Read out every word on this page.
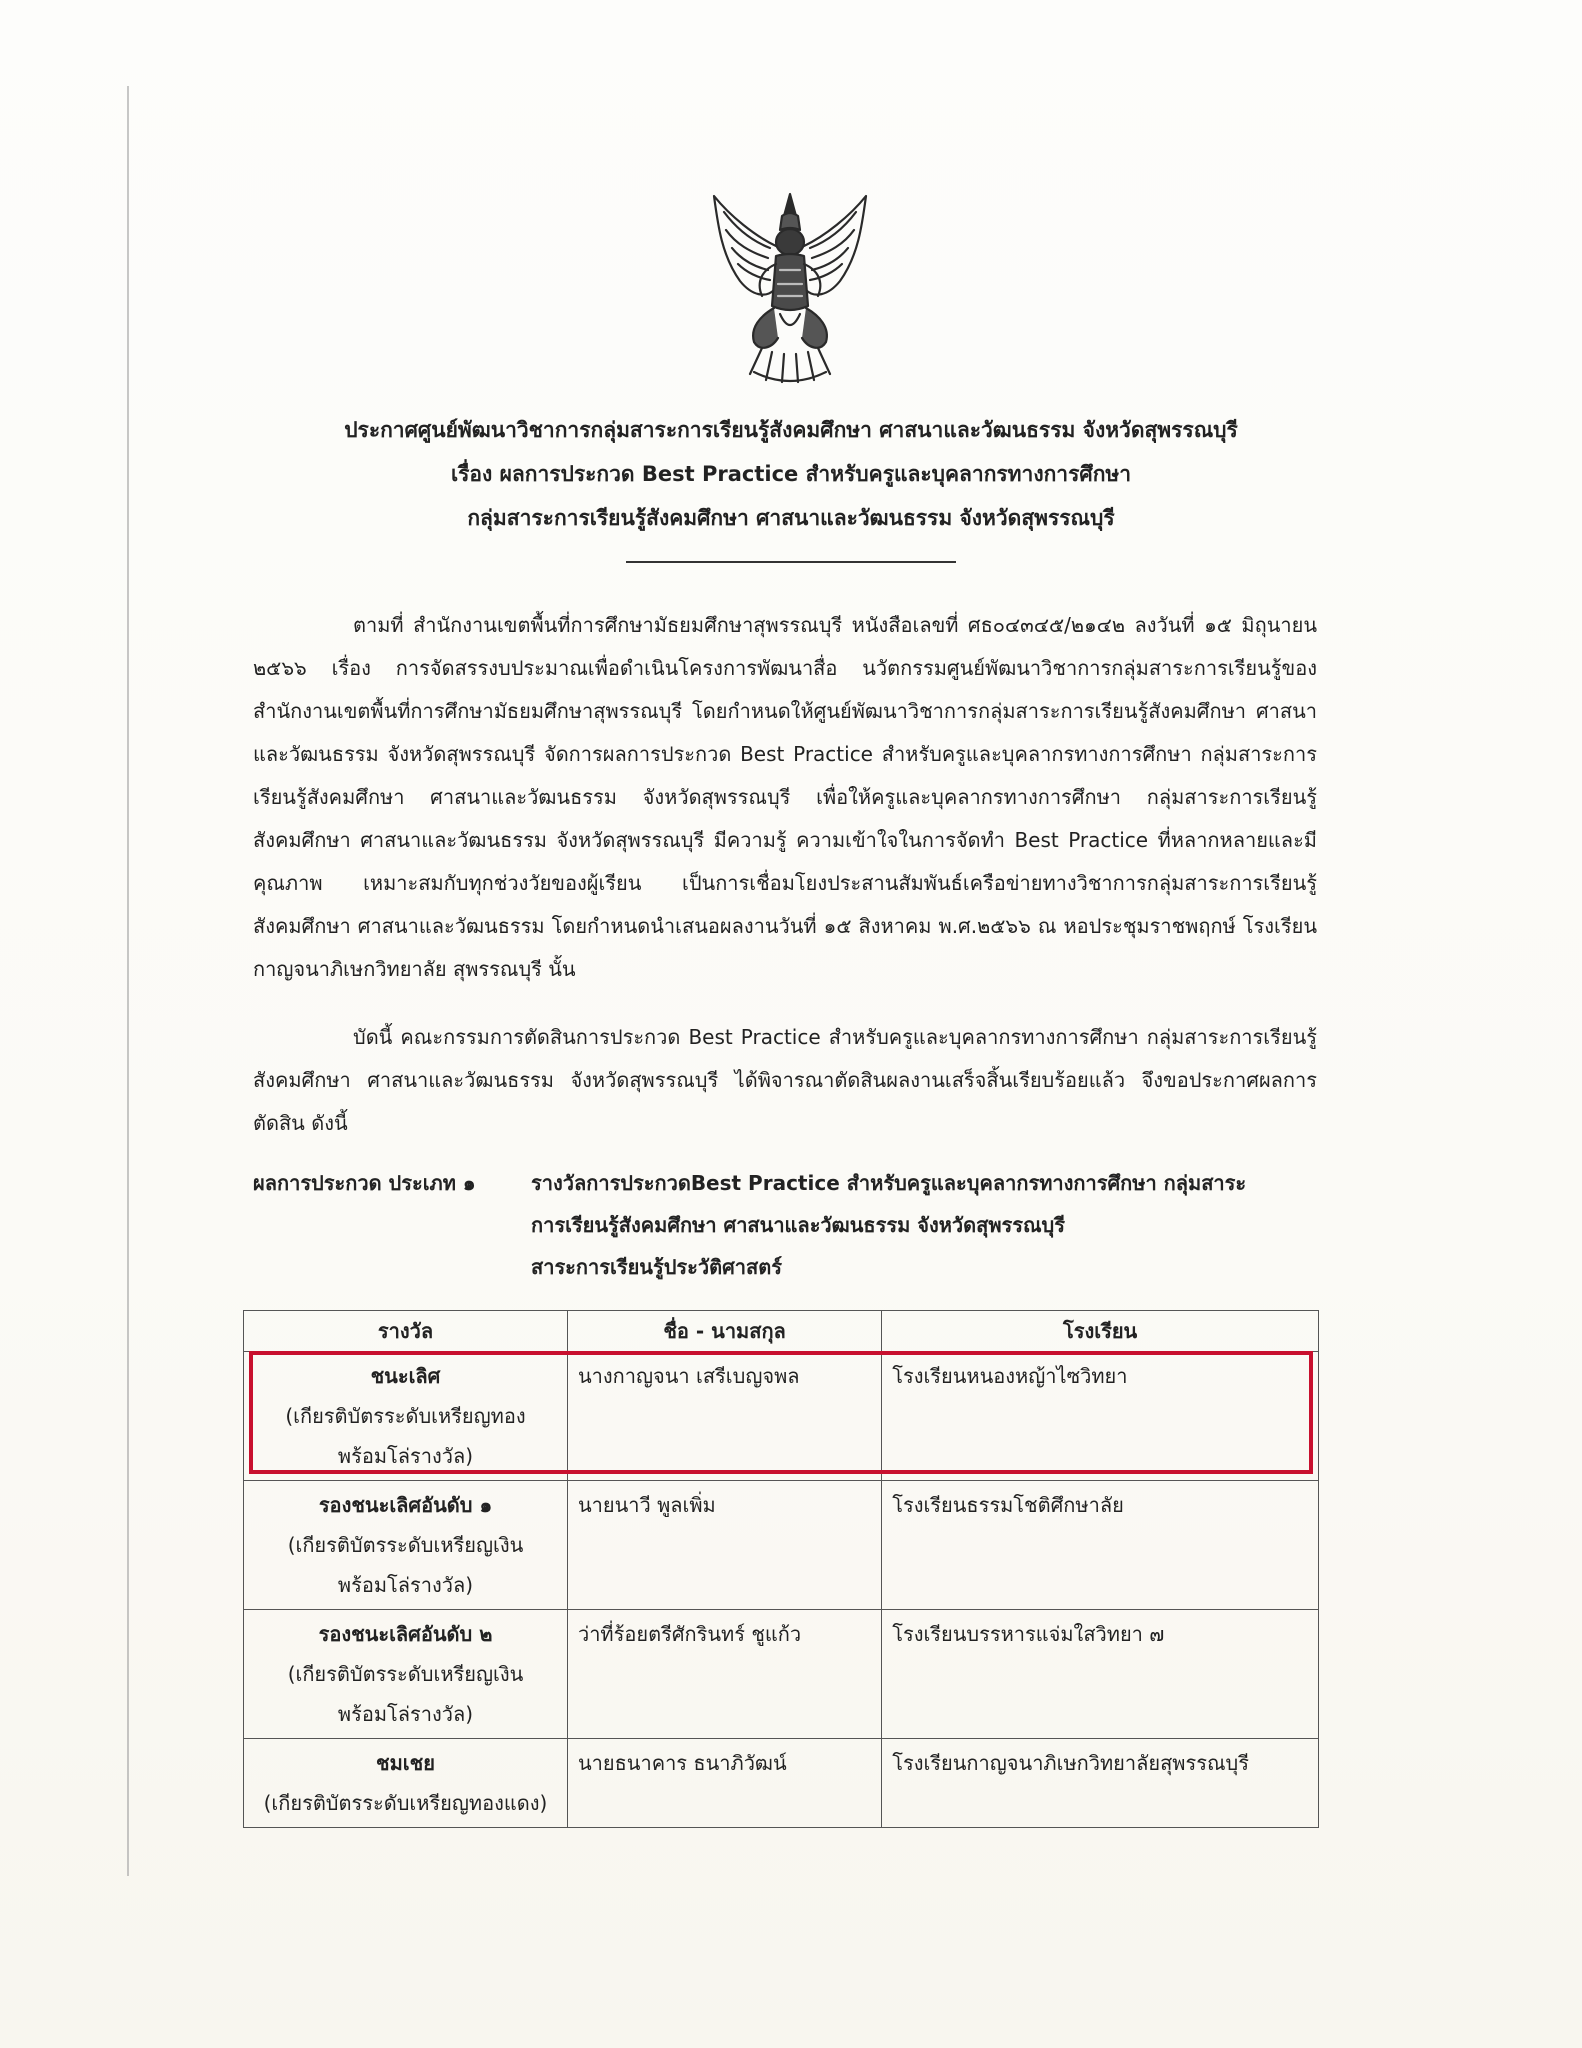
ประกาศศูนย์พัฒนาวิชาการกลุ่มสาระการเรียนรู้สังคมศึกษา ศาสนาและวัฒนธรรม จังหวัดสุพรรณบุรี
เรื่อง ผลการประกวด Best Practice สำหรับครูและบุคลากรทางการศึกษา
กลุ่มสาระการเรียนรู้สังคมศึกษา ศาสนาและวัฒนธรรม จังหวัดสุพรรณบุรี
ตามที่ สำนักงานเขตพื้นที่การศึกษามัธยมศึกษาสุพรรณบุรี หนังสือเลขที่ ศธ๐๔๓๔๕/๒๑๔๒ ลงวันที่ ๑๕ มิถุนายน ๒๕๖๖ เรื่อง การจัดสรรงบประมาณเพื่อดำเนินโครงการพัฒนาสื่อ นวัตกรรมศูนย์พัฒนาวิชาการกลุ่มสาระการเรียนรู้ของสำนักงานเขตพื้นที่การศึกษามัธยมศึกษาสุพรรณบุรี โดยกำหนดให้ศูนย์พัฒนาวิชาการกลุ่มสาระการเรียนรู้สังคมศึกษา ศาสนาและวัฒนธรรม จังหวัดสุพรรณบุรี จัดการผลการประกวด Best Practice สำหรับครูและบุคลากรทางการศึกษา กลุ่มสาระการเรียนรู้สังคมศึกษา ศาสนาและวัฒนธรรม จังหวัดสุพรรณบุรี เพื่อให้ครูและบุคลากรทางการศึกษา กลุ่มสาระการเรียนรู้สังคมศึกษา ศาสนาและวัฒนธรรม จังหวัดสุพรรณบุรี มีความรู้ ความเข้าใจในการจัดทำ Best Practice ที่หลากหลายและมีคุณภาพ เหมาะสมกับทุกช่วงวัยของผู้เรียน เป็นการเชื่อมโยงประสานสัมพันธ์เครือข่ายทางวิชาการกลุ่มสาระการเรียนรู้สังคมศึกษา ศาสนาและวัฒนธรรม โดยกำหนดนำเสนอผลงานวันที่ ๑๕ สิงหาคม พ.ศ.๒๕๖๖ ณ หอประชุมราชพฤกษ์ โรงเรียนกาญจนาภิเษกวิทยาลัย สุพรรณบุรี นั้น
บัดนี้ คณะกรรมการตัดสินการประกวด Best Practice สำหรับครูและบุคลากรทางการศึกษา กลุ่มสาระการเรียนรู้สังคมศึกษา ศาสนาและวัฒนธรรม จังหวัดสุพรรณบุรี ได้พิจารณาตัดสินผลงานเสร็จสิ้นเรียบร้อยแล้ว จึงขอประกาศผลการตัดสิน ดังนี้
ผลการประกวด ประเภท ๑	รางวัลการประกวดBest Practice สำหรับครูและบุคลากรทางการศึกษา กลุ่มสาระ
การเรียนรู้สังคมศึกษา ศาสนาและวัฒนธรรม จังหวัดสุพรรณบุรี
สาระการเรียนรู้ประวัติศาสตร์
รางวัล	ชื่อ - นามสกุล	โรงเรียน

ชนะเลิศ
(เกียรติบัตรระดับเหรียญทอง
พร้อมโล่รางวัล)	นางกาญจนา เสรีเบญจพล	โรงเรียนหนองหญ้าไซวิทยา

รองชนะเลิศอันดับ ๑
(เกียรติบัตรระดับเหรียญเงิน
พร้อมโล่รางวัล)	นายนาวี พูลเพิ่ม	โรงเรียนธรรมโชติศึกษาลัย

รองชนะเลิศอันดับ ๒
(เกียรติบัตรระดับเหรียญเงิน
พร้อมโล่รางวัล)	ว่าที่ร้อยตรีศักรินทร์ ชูแก้ว	โรงเรียนบรรหารแจ่มใสวิทยา ๗

ชมเชย
(เกียรติบัตรระดับเหรียญทองแดง)	นายธนาคาร ธนาภิวัฒน์	โรงเรียนกาญจนาภิเษกวิทยาลัยสุพรรณบุรี
